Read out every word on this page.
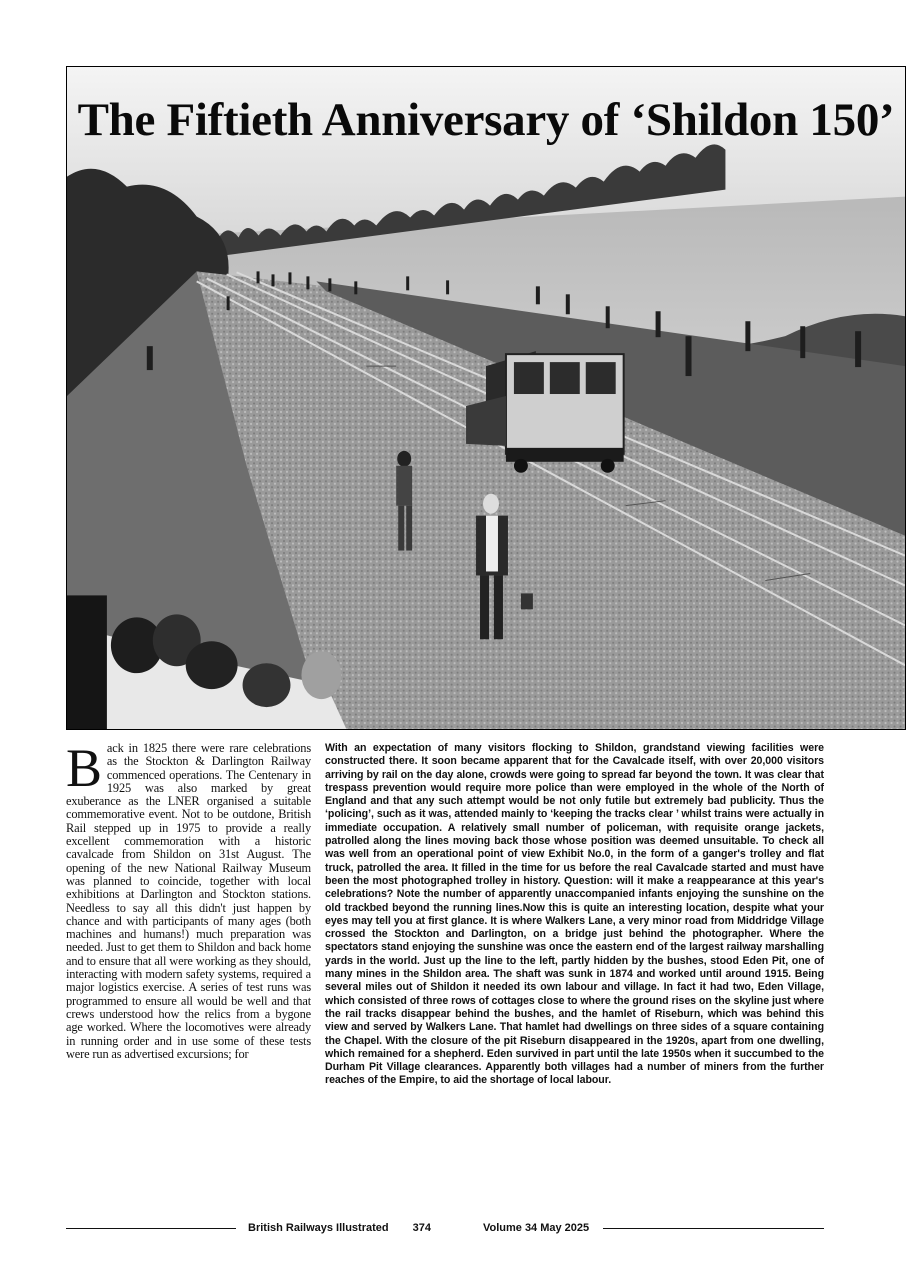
The Fiftieth Anniversary of ‘Shildon 150’
B ack in 1825 there were rare celebrations as the Stockton & Darlington Railway commenced operations. The Centenary in 1925 was also marked by great exuberance as the LNER organised a suitable commemorative event. Not to be outdone, British Rail stepped up in 1975 to provide a really excellent commemoration with a historic cavalcade from Shildon on 31st August. The opening of the new National Railway Museum was planned to coincide, together with local exhibitions at Darlington and Stockton stations. Needless to say all this didn't just happen by chance and with participants of many ages (both machines and humans!) much preparation was needed. Just to get them to Shildon and back home and to ensure that all were working as they should, interacting with modern safety systems, required a major logistics exercise. A series of test runs was programmed to ensure all would be well and that crews understood how the relics from a bygone age worked. Where the locomotives were already in running order and in use some of these tests were run as advertised excursions; for

With an expectation of many visitors flocking to Shildon, grandstand viewing facilities were constructed there. It soon became apparent that for the Cavalcade itself, with over 20,000 visitors arriving by rail on the day alone, crowds were going to spread far beyond the town. It was clear that trespass prevention would require more police than were employed in the whole of the North of England and that any such attempt would be not only futile but extremely bad publicity. Thus the ‘policing’, such as it was, attended mainly to ‘keeping the tracks clear ’ whilst trains were actually in immediate occupation. A relatively small number of policeman, with requisite orange jackets, patrolled along the lines moving back those whose position was deemed unsuitable. To check all was well from an operational point of view Exhibit No.0, in the form of a ganger's trolley and flat truck, patrolled the area. It filled in the time for us before the real Cavalcade started and must have been the most photographed trolley in history. Question: will it make a reappearance at this year's celebrations? Note the number of apparently unaccompanied infants enjoying the sunshine on the old trackbed beyond the running lines.Now this is quite an interesting location, despite what your eyes may tell you at first glance. It is where Walkers Lane, a very minor road from Middridge Village crossed the Stockton and Darlington, on a bridge just behind the photographer. Where the spectators stand enjoying the sunshine was once the eastern end of the largest railway marshalling yards in the world. Just up the line to the left, partly hidden by the bushes, stood Eden Pit, one of many mines in the Shildon area. The shaft was sunk in 1874 and worked until around 1915. Being several miles out of Shildon it needed its own labour and village. In fact it had two, Eden Village, which consisted of three rows of cottages close to where the ground rises on the skyline just where the rail tracks disappear behind the bushes, and the hamlet of Riseburn, which was behind this view and served by Walkers Lane. That hamlet had dwellings on three sides of a square containing the Chapel. With the closure of the pit Riseburn disappeared in the 1920s, apart from one dwelling, which remained for a shepherd. Eden survived in part until the late 1950s when it succumbed to the Durham Pit Village clearances. Apparently both villages had a number of miners from the further reaches of the Empire, to aid the shortage of local labour.

British Railways Illustrated 374	Volume 34 May 2025
